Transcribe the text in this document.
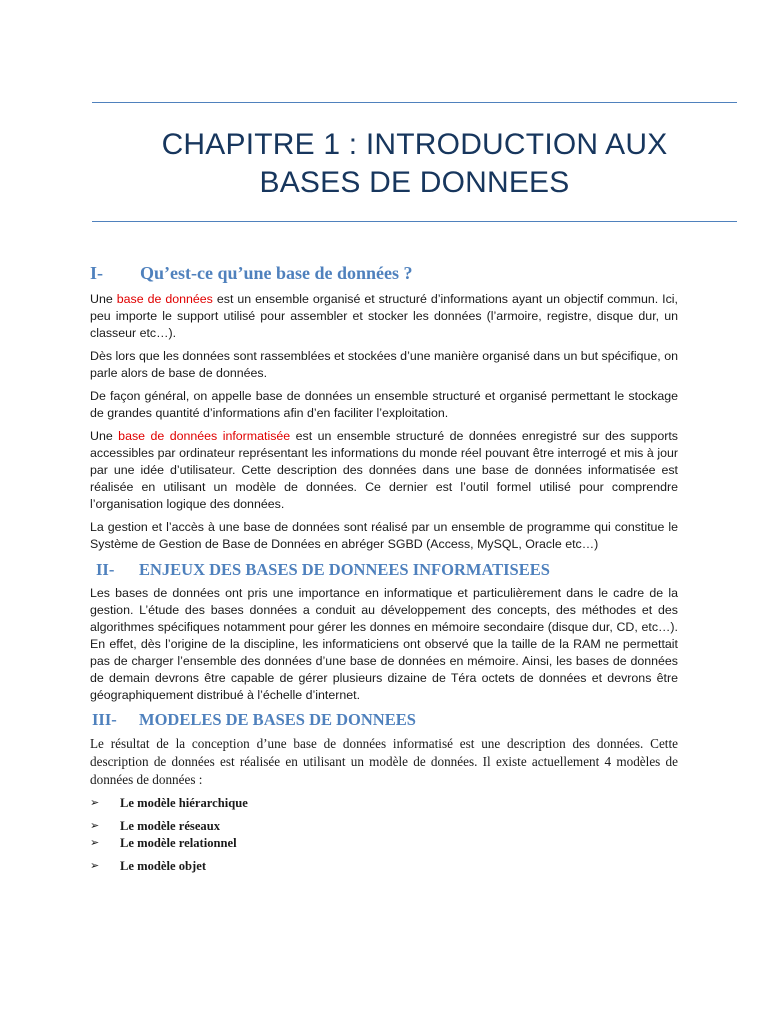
CHAPITRE 1 : INTRODUCTION AUX
BASES DE DONNEES
I-	Qu’est-ce qu’une base de données ?

Une base de données est un ensemble organisé et structuré d’informations ayant un objectif commun. Ici, peu importe le support utilisé pour assembler et stocker les données (l’armoire, registre, disque dur, un classeur etc…).

Dès lors que les données sont rassemblées et stockées d’une manière organisé dans un but spécifique, on parle alors de base de données.

De façon général, on appelle base de données un ensemble structuré et organisé permettant le stockage de grandes quantité d’informations afin d’en faciliter l’exploitation.

Une base de données informatisée est un ensemble structuré de données enregistré sur des supports accessibles par ordinateur représentant les informations du monde réel pouvant être interrogé et mis à jour par une idée d’utilisateur. Cette description des données dans une base de données informatisée est réalisée en utilisant un modèle de données. Ce dernier est l’outil formel utilisé pour comprendre l’organisation logique des données.

La gestion et l’accès à une base de données sont réalisé par un ensemble de programme qui constitue le Système de Gestion de Base de Données en abréger SGBD (Access, MySQL, Oracle etc…)

II-	ENJEUX DES BASES DE DONNEES INFORMATISEES

Les bases de données ont pris une importance en informatique et particulièrement dans le cadre de la gestion. L’étude des bases données a conduit au développement des concepts, des méthodes et des algorithmes spécifiques notamment pour gérer les donnes en mémoire secondaire (disque dur, CD, etc…). En effet, dès l’origine de la discipline, les informaticiens ont observé que la taille de la RAM ne permettait pas de charger l’ensemble des données d’une base de données en mémoire. Ainsi, les bases de données de demain devrons être capable de gérer plusieurs dizaine de Téra octets de données et devrons être géographiquement distribué à l’échelle d’internet.

III-	MODELES DE BASES DE DONNEES

Le résultat de la conception d’une base de données informatisé est une description des données. Cette description de données est réalisée en utilisant un modèle de données. Il existe actuellement 4 modèles de données de données :

➢	Le modèle hiérarchique
➢	Le modèle réseaux
➢	Le modèle relationnel
➢	Le modèle objet
